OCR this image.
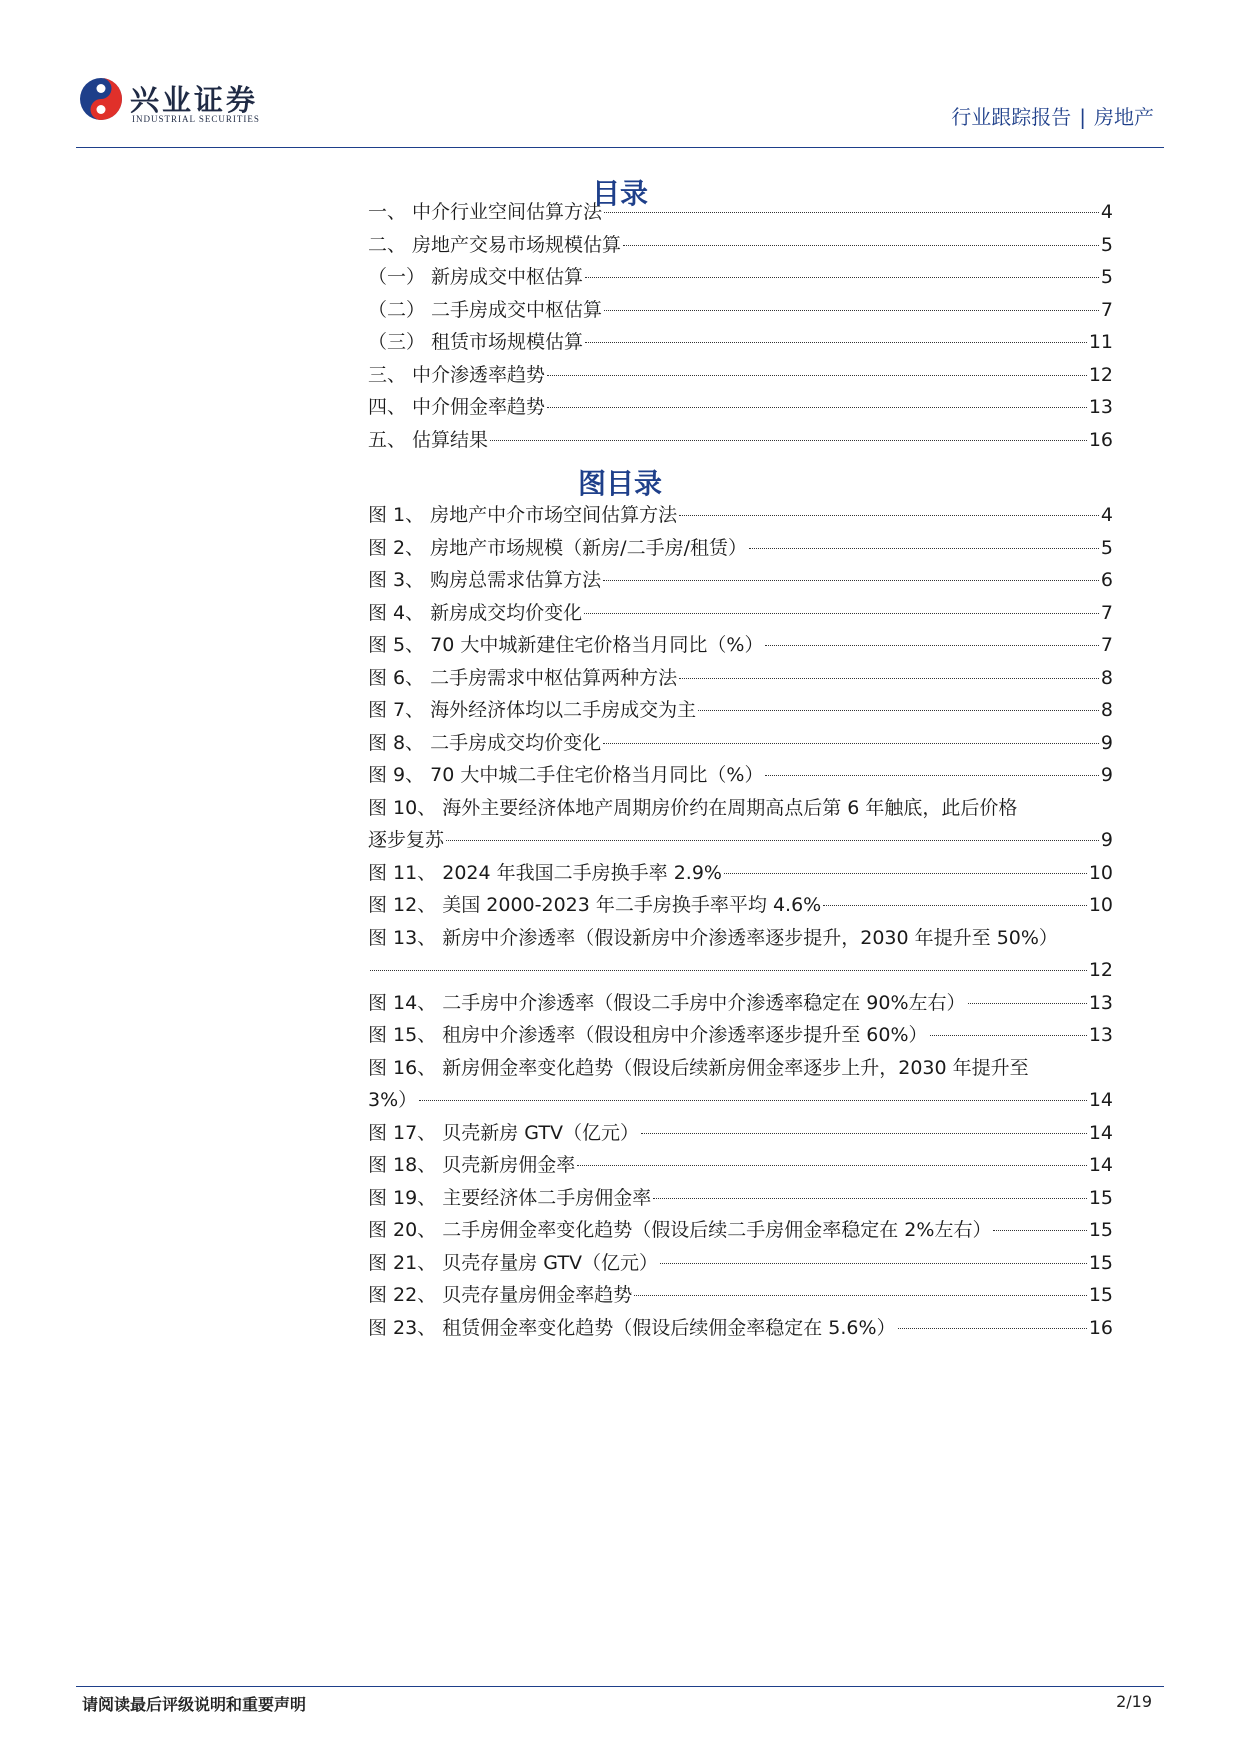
兴业证券
INDUSTRIAL SECURITIES	行业跟踪报告 | 房地产
目录
一、 中介行业空间估算方法	4
二、 房地产交易市场规模估算	5
（一） 新房成交中枢估算	5
（二） 二手房成交中枢估算	7
（三） 租赁市场规模估算	11
三、 中介渗透率趋势	12
四、 中介佣金率趋势	13
五、 估算结果	16
图目录
图 1、 房地产中介市场空间估算方法	4
图 2、 房地产市场规模（新房/二手房/租赁）	5
图 3、 购房总需求估算方法	6
图 4、 新房成交均价变化	7
图 5、 70 大中城新建住宅价格当月同比（%）	7
图 6、 二手房需求中枢估算两种方法	8
图 7、 海外经济体均以二手房成交为主	8
图 8、 二手房成交均价变化	9
图 9、 70 大中城二手住宅价格当月同比（%）	9
图 10、 海外主要经济体地产周期房价约在周期高点后第 6 年触底，此后价格
逐步复苏	9
图 11、 2024 年我国二手房换手率 2.9%	10
图 12、 美国 2000-2023 年二手房换手率平均 4.6%	10
图 13、 新房中介渗透率（假设新房中介渗透率逐步提升，2030 年提升至 50%）
12
图 14、 二手房中介渗透率（假设二手房中介渗透率稳定在 90%左右）	13
图 15、 租房中介渗透率（假设租房中介渗透率逐步提升至 60%）	13
图 16、 新房佣金率变化趋势（假设后续新房佣金率逐步上升，2030 年提升至
3%）	14
图 17、 贝壳新房 GTV（亿元）	14
图 18、 贝壳新房佣金率	14
图 19、 主要经济体二手房佣金率	15
图 20、 二手房佣金率变化趋势（假设后续二手房佣金率稳定在 2%左右）	15
图 21、 贝壳存量房 GTV（亿元）	15
图 22、 贝壳存量房佣金率趋势	15
图 23、 租赁佣金率变化趋势（假设后续佣金率稳定在 5.6%）	16
请阅读最后评级说明和重要声明	2/19
